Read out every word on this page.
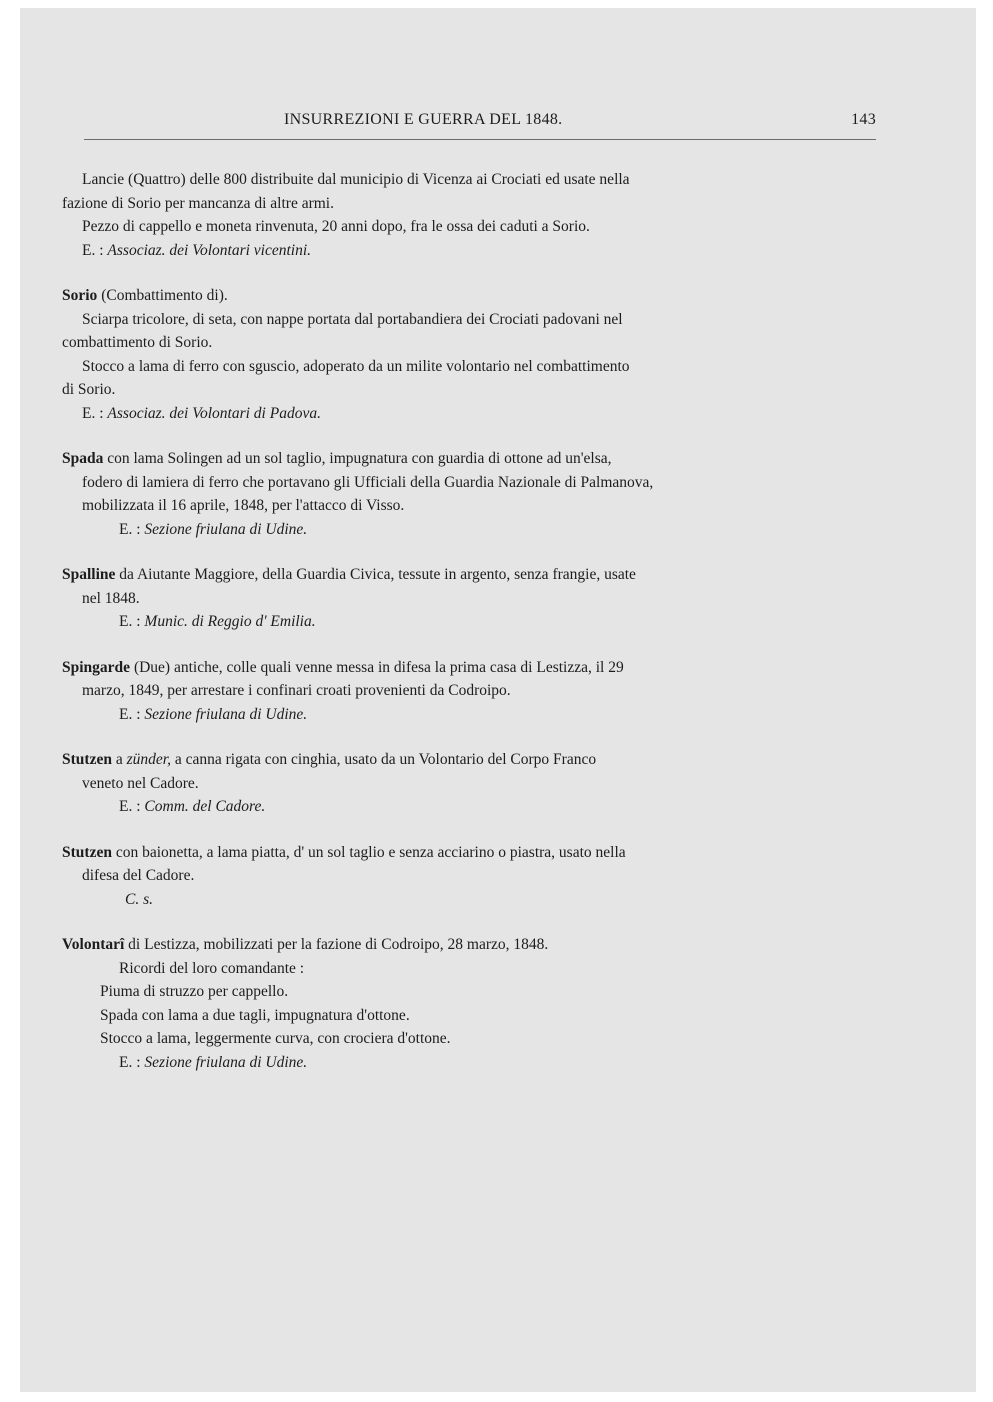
INSURREZIONI E GUERRA DEL 1848.	143
Lancie (Quattro) delle 800 distribuite dal municipio di Vicenza ai Crociati ed usate nella
fazione di Sorio per mancanza di altre armi.
Pezzo di cappello e moneta rinvenuta, 20 anni dopo, fra le ossa dei caduti a Sorio.
E. : Associaz. dei Volontari vicentini.
Sorio (Combattimento di).
Sciarpa tricolore, di seta, con nappe portata dal portabandiera dei Crociati padovani nel
combattimento di Sorio.
Stocco a lama di ferro con sguscio, adoperato da un milite volontario nel combattimento
di Sorio.
E. : Associaz. dei Volontari di Padova.
Spada con lama Solingen ad un sol taglio, impugnatura con guardia di ottone ad un'elsa,
fodero di lamiera di ferro che portavano gli Ufficiali della Guardia Nazionale di Palmanova,
mobilizzata il 16 aprile, 1848, per l'attacco di Visso.
E. : Sezione friulana di Udine.
Spalline da Aiutante Maggiore, della Guardia Civica, tessute in argento, senza frangie, usate
nel 1848.
E. : Munic. di Reggio d' Emilia.
Spingarde (Due) antiche, colle quali venne messa in difesa la prima casa di Lestizza, il 29
marzo, 1849, per arrestare i confinari croati provenienti da Codroipo.
E. : Sezione friulana di Udine.
Stutzen a zünder, a canna rigata con cinghia, usato da un Volontario del Corpo Franco
veneto nel Cadore.
E. : Comm. del Cadore.
Stutzen con baionetta, a lama piatta, d' un sol taglio e senza acciarino o piastra, usato nella
difesa del Cadore.
C. s.
Volontarî di Lestizza, mobilizzati per la fazione di Codroipo, 28 marzo, 1848.
Ricordi del loro comandante :
Piuma di struzzo per cappello.
Spada con lama a due tagli, impugnatura d'ottone.
Stocco a lama, leggermente curva, con crociera d'ottone.
E. : Sezione friulana di Udine.
